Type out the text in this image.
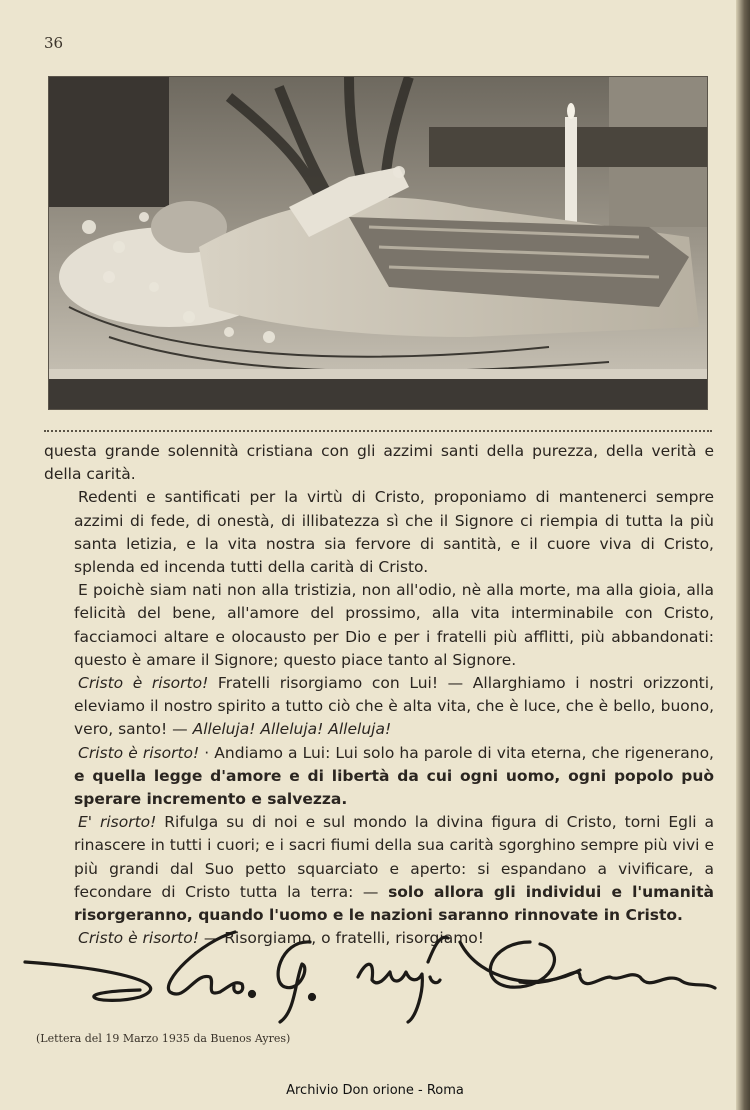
36

questa grande solennità cristiana con gli azzimi santi della purezza, della verità e della carità.

Redenti e santificati per la virtù di Cristo, proponiamo di mantenerci sempre azzimi di fede, di onestà, di illibatezza sì che il Signore ci riempia di tutta la più santa letizia, e la vita nostra sia fervore di santità, e il cuore viva di Cristo, splenda ed incenda tutti della carità di Cristo.

E poichè siam nati non alla tristizia, non all'odio, nè alla morte, ma alla gioia, alla felicità del bene, all'amore del prossimo, alla vita interminabile con Cristo, facciamoci altare e olocausto per Dio e per i fratelli più afflitti, più abbandonati: questo è amare il Signore; questo piace tanto al Signore.

Cristo è risorto! Fratelli risorgiamo con Lui! — Allarghiamo i nostri orizzonti, eleviamo il nostro spirito a tutto ciò che è alta vita, che è luce, che è bello, buono, vero, santo! — Alleluja! Alleluja! Alleluja!

Cristo è risorto! · Andiamo a Lui: Lui solo ha parole di vita eterna, che rigenerano, e quella legge d'amore e di libertà da cui ogni uomo, ogni popolo può sperare incremento e salvezza.

E' risorto! Rifulga su di noi e sul mondo la divina figura di Cristo, torni Egli a rinascere in tutti i cuori; e i sacri fiumi della sua carità sgorghino sempre più vivi e più grandi dal Suo petto squarciato e aperto: si espandano a vivificare, a fecondare di Cristo tutta la terra: — solo allora gli individui e l'umanità risorgeranno, quando l'uomo e le nazioni saranno rinnovate in Cristo.

Cristo è risorto! — Risorgiamo, o fratelli, risorgiamo!

(Lettera del 19 Marzo 1935 da Buenos Ayres)
Archivio Don orione - Roma
